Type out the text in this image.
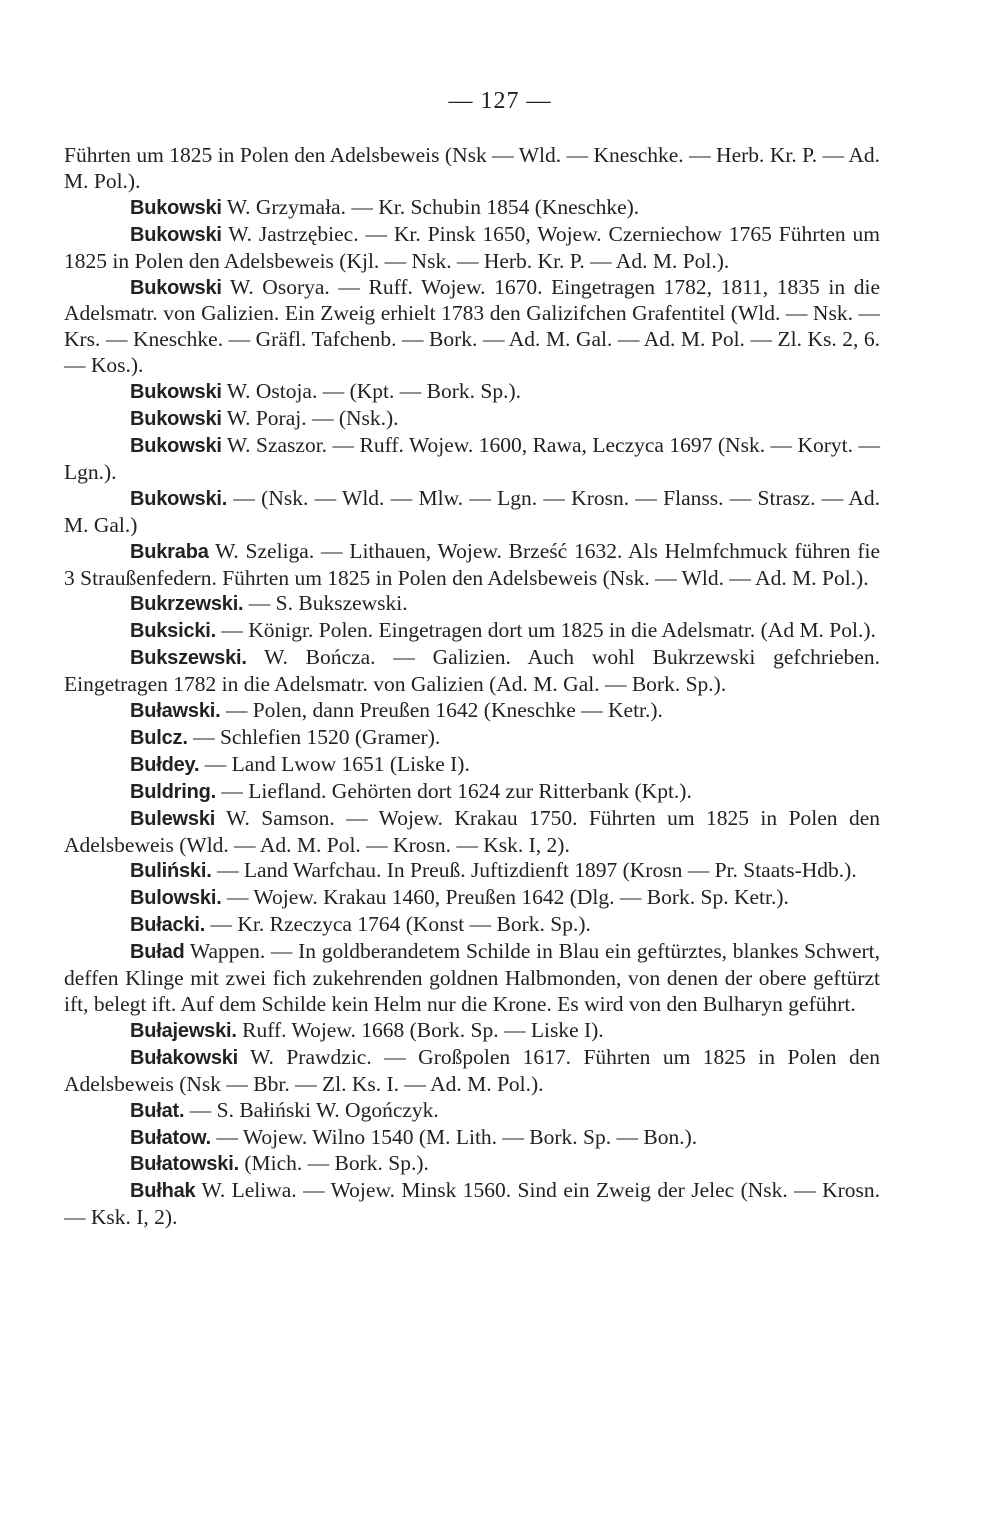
— 127 —

Führten um 1825 in Polen den Adelsbeweis (Nsk — Wld. — Kneschke. — Herb. Kr. P. — Ad. M. Pol.).

Bukowski W. Grzymała. — Kr. Schubin 1854 (Kneschke).

Bukowski W. Jastrzębiec. — Kr. Pinsk 1650, Wojew. Czerniechow 1765 Führten um 1825 in Polen den Adelsbeweis (Kjl. — Nsk. — Herb. Kr. P. — Ad. M. Pol.).

Bukowski W. Osorya. — Ruff. Wojew. 1670. Eingetragen 1782, 1811, 1835 in die Adelsmatr. von Galizien. Ein Zweig erhielt 1783 den Galizifchen Grafentitel (Wld. — Nsk. — Krs. — Kneschke. — Gräfl. Tafchenb. — Bork. — Ad. M. Gal. — Ad. M. Pol. — Zl. Ks. 2, 6. — Kos.).

Bukowski W. Ostoja. — (Kpt. — Bork. Sp.).

Bukowski W. Poraj. — (Nsk.).

Bukowski W. Szaszor. — Ruff. Wojew. 1600, Rawa, Leczyca 1697 (Nsk. — Koryt. — Lgn.).

Bukowski. — (Nsk. — Wld. — Mlw. — Lgn. — Krosn. — Flanss. — Strasz. — Ad. M. Gal.)

Bukraba W. Szeliga. — Lithauen, Wojew. Brześć 1632. Als Helmfchmuck führen fie 3 Straußenfedern. Führten um 1825 in Polen den Adelsbeweis (Nsk. — Wld. — Ad. M. Pol.).

Bukrzewski. — S. Bukszewski.

Buksicki. — Königr. Polen. Eingetragen dort um 1825 in die Adelsmatr. (Ad M. Pol.).

Bukszewski. W. Bończa. — Galizien. Auch wohl Bukrzewski gefchrieben. Eingetragen 1782 in die Adelsmatr. von Galizien (Ad. M. Gal. — Bork. Sp.).

Buławski. — Polen, dann Preußen 1642 (Kneschke — Ketr.).

Bulcz. — Schlefien 1520 (Gramer).

Bułdey. — Land Lwow 1651 (Liske I).

Buldring. — Liefland. Gehörten dort 1624 zur Ritterbank (Kpt.).

Bulewski W. Samson. — Wojew. Krakau 1750. Führten um 1825 in Polen den Adelsbeweis (Wld. — Ad. M. Pol. — Krosn. — Ksk. I, 2).

Buliński. — Land Warfchau. In Preuß. Juftizdienft 1897 (Krosn — Pr. Staats-Hdb.).

Bulowski. — Wojew. Krakau 1460, Preußen 1642 (Dlg. — Bork. Sp. Ketr.).

Bułacki. — Kr. Rzeczyca 1764 (Konst — Bork. Sp.).

Buład Wappen. — In goldberandetem Schilde in Blau ein geftürztes, blankes Schwert, deffen Klinge mit zwei fich zukehrenden goldnen Halbmonden, von denen der obere geftürzt ift, belegt ift. Auf dem Schilde kein Helm nur die Krone. Es wird von den Bulharyn geführt.

Bułajewski. Ruff. Wojew. 1668 (Bork. Sp. — Liske I).

Bułakowski W. Prawdzic. — Großpolen 1617. Führten um 1825 in Polen den Adelsbeweis (Nsk — Bbr. — Zl. Ks. I. — Ad. M. Pol.).

Bułat. — S. Bałiński W. Ogończyk.

Bułatow. — Wojew. Wilno 1540 (M. Lith. — Bork. Sp. — Bon.).

Bułatowski. (Mich. — Bork. Sp.).

Bułhak W. Leliwa. — Wojew. Minsk 1560. Sind ein Zweig der Jelec (Nsk. — Krosn. — Ksk. I, 2).
